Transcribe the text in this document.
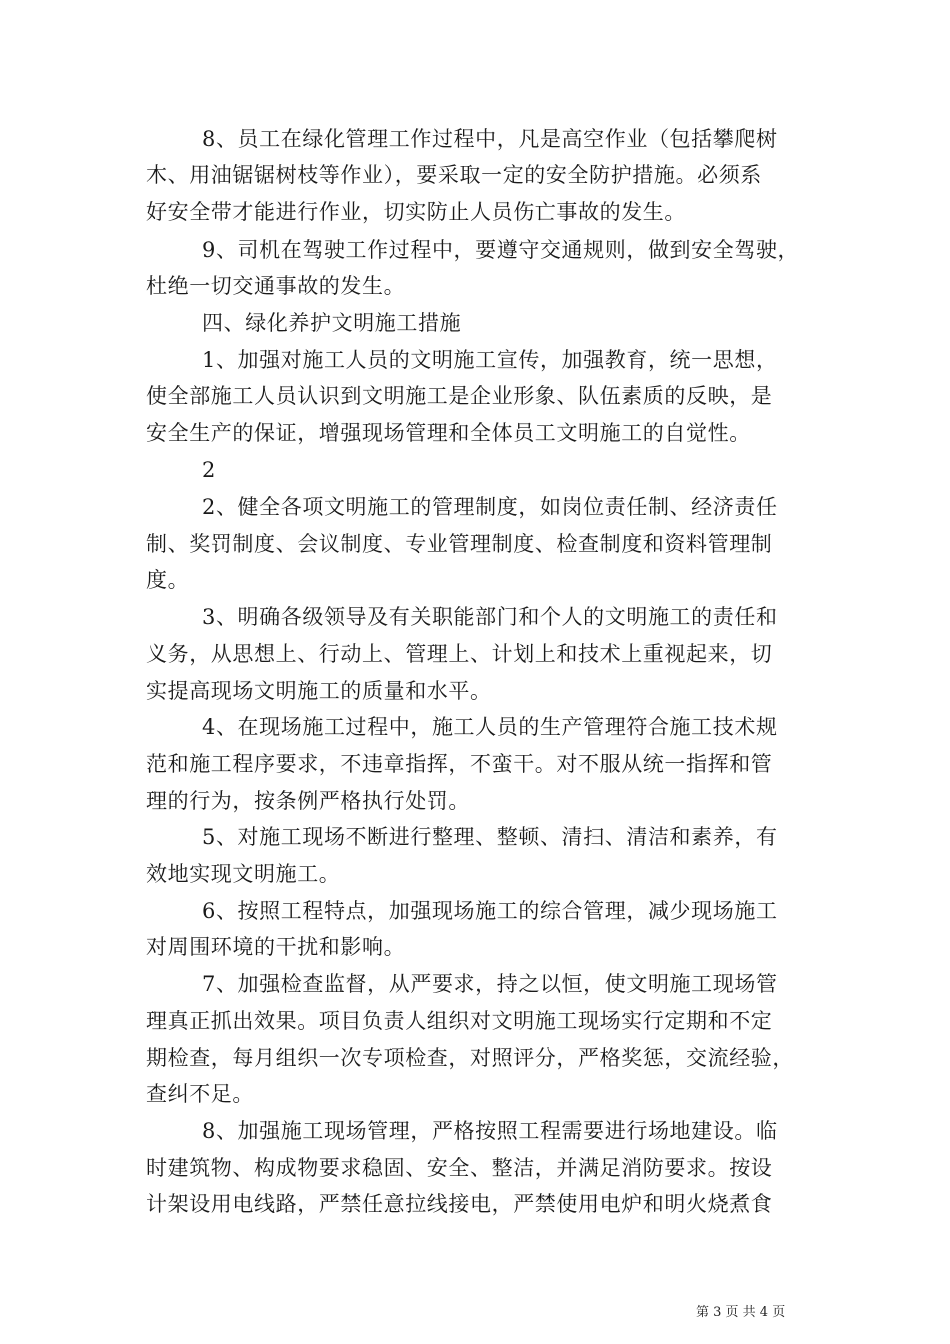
8、员工在绿化管理工作过程中，凡是高空作业（包括攀爬树
木、用油锯锯树枝等作业），要采取一定的安全防护措施。必须系
好安全带才能进行作业，切实防止人员伤亡事故的发生。
9、司机在驾驶工作过程中，要遵守交通规则，做到安全驾驶，
杜绝一切交通事故的发生。
四、绿化养护文明施工措施
1、加强对施工人员的文明施工宣传，加强教育，统一思想，
使全部施工人员认识到文明施工是企业形象、队伍素质的反映，是
安全生产的保证，增强现场管理和全体员工文明施工的自觉性。
2
2、健全各项文明施工的管理制度，如岗位责任制、经济责任
制、奖罚制度、会议制度、专业管理制度、检查制度和资料管理制
度。
3、明确各级领导及有关职能部门和个人的文明施工的责任和
义务，从思想上、行动上、管理上、计划上和技术上重视起来，切
实提高现场文明施工的质量和水平。
4、在现场施工过程中，施工人员的生产管理符合施工技术规
范和施工程序要求，不违章指挥，不蛮干。对不服从统一指挥和管
理的行为，按条例严格执行处罚。
5、对施工现场不断进行整理、整顿、清扫、清洁和素养，有
效地实现文明施工。
6、按照工程特点，加强现场施工的综合管理，减少现场施工
对周围环境的干扰和影响。
7、加强检查监督，从严要求，持之以恒，使文明施工现场管
理真正抓出效果。项目负责人组织对文明施工现场实行定期和不定
期检查，每月组织一次专项检查，对照评分，严格奖惩，交流经验，
查纠不足。
8、加强施工现场管理，严格按照工程需要进行场地建设。临
时建筑物、构成物要求稳固、安全、整洁，并满足消防要求。按设
计架设用电线路，严禁任意拉线接电，严禁使用电炉和明火烧煮食
第 3 页 共 4 页
